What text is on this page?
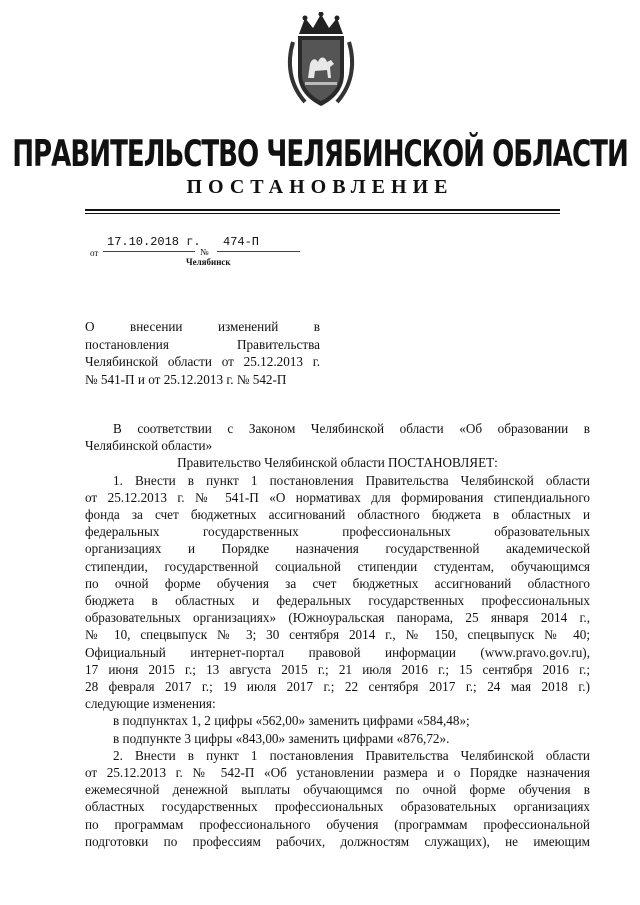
ПРАВИТЕЛЬСТВО ЧЕЛЯБИНСКОЙ ОБЛАСТИ
ПОСТАНОВЛЕНИЕ
от
17.10.2018 г.
№
474-П
Челябинск
О внесении изменений в
постановления Правительства
Челябинской области от 25.12.2013 г.
№ 541-П и от 25.12.2013 г. № 542-П
В соответствии с Законом Челябинской области «Об образовании в
Челябинской области»
Правительство Челябинской области ПОСТАНОВЛЯЕТ:
1. Внести в пункт 1 постановления Правительства Челябинской области
от 25.12.2013 г. № 541-П «О нормативах для формирования стипендиального
фонда за счет бюджетных ассигнований областного бюджета в областных и
федеральных государственных профессиональных образовательных
организациях и Порядке назначения государственной академической
стипендии, государственной социальной стипендии студентам, обучающимся
по очной форме обучения за счет бюджетных ассигнований областного
бюджета в областных и федеральных государственных профессиональных
образовательных организациях» (Южноуральская панорама, 25 января 2014 г.,
№ 10, спецвыпуск № 3; 30 сентября 2014 г., № 150, спецвыпуск № 40;
Официальный интернет-портал правовой информации (www.pravo.gov.ru),
17 июня 2015 г.; 13 августа 2015 г.; 21 июля 2016 г.; 15 сентября 2016 г.;
28 февраля 2017 г.; 19 июля 2017 г.; 22 сентября 2017 г.; 24 мая 2018 г.)
следующие изменения:
в подпунктах 1, 2 цифры «562,00» заменить цифрами «584,48»;
в подпункте 3 цифры «843,00» заменить цифрами «876,72».
2. Внести в пункт 1 постановления Правительства Челябинской области
от 25.12.2013 г. № 542-П «Об установлении размера и о Порядке назначения
ежемесячной денежной выплаты обучающимся по очной форме обучения в
областных государственных профессиональных образовательных организациях
по программам профессионального обучения (программам профессиональной
подготовки по профессиям рабочих, должностям служащих), не имеющим
